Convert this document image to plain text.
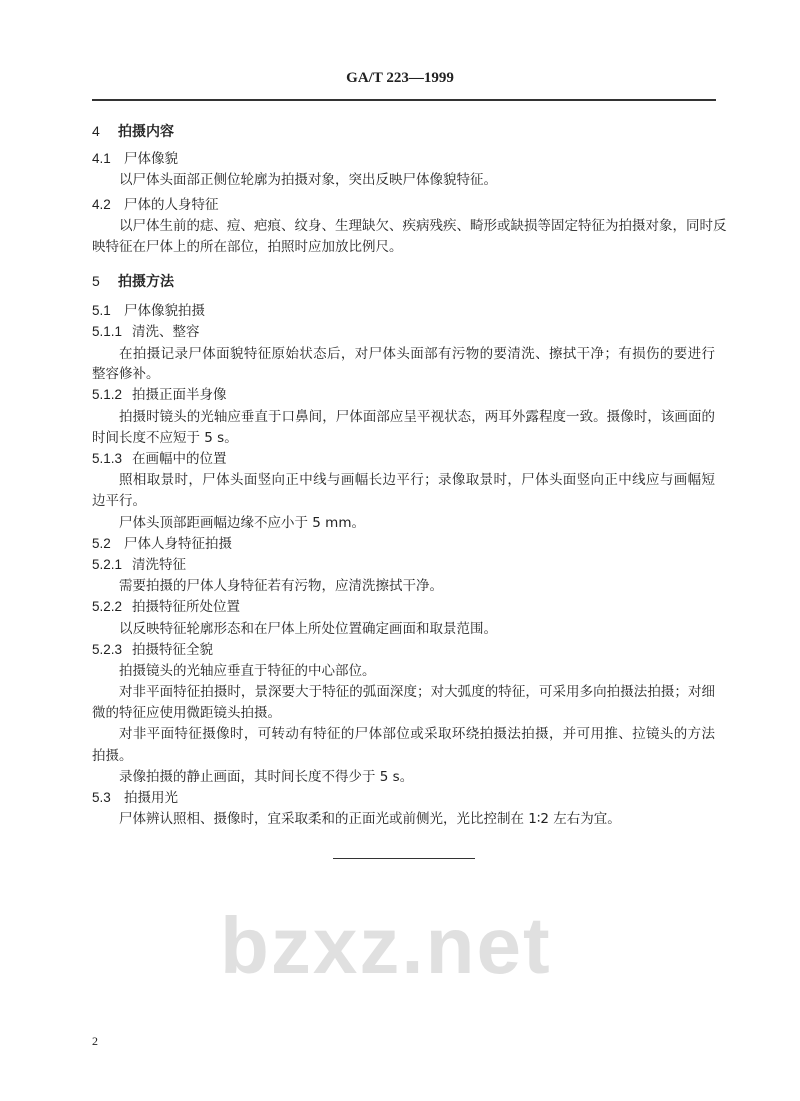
GA/T 223—1999
4 拍摄内容
4.1 尸体像貌
以尸体头面部正侧位轮廓为拍摄对象，突出反映尸体像貌特征。
4.2 尸体的人身特征
以尸体生前的痣、痘、疤痕、纹身、生理缺欠、疾病残疾、畸形或缺损等固定特征为拍摄对象，同时反
映特征在尸体上的所在部位，拍照时应加放比例尺。
5 拍摄方法
5.1 尸体像貌拍摄
5.1.1 清洗、整容
在拍摄记录尸体面貌特征原始状态后，对尸体头面部有污物的要清洗、擦拭干净；有损伤的要进行
整容修补。
5.1.2 拍摄正面半身像
拍摄时镜头的光轴应垂直于口鼻间，尸体面部应呈平视状态，两耳外露程度一致。摄像时，该画面的
时间长度不应短于 5 s。
5.1.3 在画幅中的位置
照相取景时，尸体头面竖向正中线与画幅长边平行；录像取景时，尸体头面竖向正中线应与画幅短
边平行。
尸体头顶部距画幅边缘不应小于 5 mm。
5.2 尸体人身特征拍摄
5.2.1 清洗特征
需要拍摄的尸体人身特征若有污物，应清洗擦拭干净。
5.2.2 拍摄特征所处位置
以反映特征轮廓形态和在尸体上所处位置确定画面和取景范围。
5.2.3 拍摄特征全貌
拍摄镜头的光轴应垂直于特征的中心部位。
对非平面特征拍摄时，景深要大于特征的弧面深度；对大弧度的特征，可采用多向拍摄法拍摄；对细
微的特征应使用微距镜头拍摄。
对非平面特征摄像时，可转动有特征的尸体部位或采取环绕拍摄法拍摄，并可用推、拉镜头的方法
拍摄。
录像拍摄的静止画面，其时间长度不得少于 5 s。
5.3 拍摄用光
尸体辨认照相、摄像时，宜采取柔和的正面光或前侧光，光比控制在 1∶2 左右为宜。
bzxz.net
2
